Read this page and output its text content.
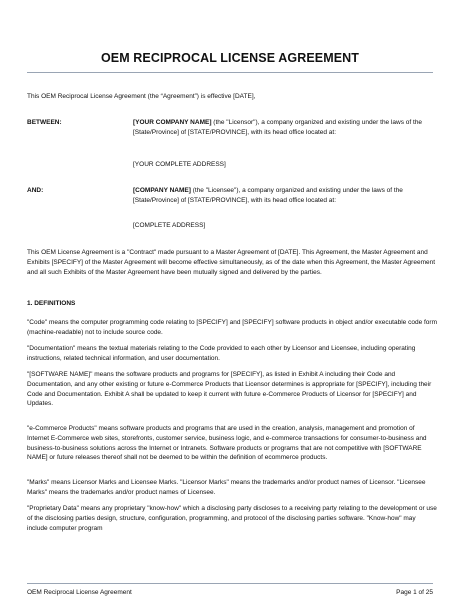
OEM RECIPROCAL LICENSE AGREEMENT

This OEM Reciprocal License Agreement (the “Agreement”) is effective [DATE],

BETWEEN:	[YOUR COMPANY NAME] (the "Licensor"), a company organized and existing under the laws of the [State/Province] of [STATE/PROVINCE], with its head office located at:

[YOUR COMPLETE ADDRESS]

AND:	[COMPANY NAME] (the "Licensee"), a company organized and existing under the laws of the [State/Province] of [STATE/PROVINCE], with its head office located at:

[COMPLETE ADDRESS]

This OEM License Agreement is a "Contract" made pursuant to a Master Agreement of [DATE]. This Agreement, the Master Agreement and Exhibits [SPECIFY] of the Master Agreement will become effective simultaneously, as of the date when this Agreement, the Master Agreement and all such Exhibits of the Master Agreement have been mutually signed and delivered by the parties.

1. DEFINITIONS

"Code" means the computer programming code relating to [SPECIFY] and [SPECIFY] software products in object and/or executable code form (machine-readable) not to include source code.

"Documentation" means the textual materials relating to the Code provided to each other by Licensor and Licensee, including operating instructions, related technical information, and user documentation.

"[SOFTWARE NAME]" means the software products and programs for [SPECIFY], as listed in Exhibit A including their Code and Documentation, and any other existing or future e-Commerce Products that Licensor determines is appropriate for [SPECIFY], including their Code and Documentation. Exhibit A shall be updated to keep it current with future e-Commerce Products of Licensor for [SPECIFY] and Updates.

"e-Commerce Products" means software products and programs that are used in the creation, analysis, management and promotion of Internet E-Commerce web sites, storefronts, customer service, business logic, and e-commerce transactions for consumer-to-business and business-to-business solutions across the Internet or Intranets. Software products or programs that are not competitive with [SOFTWARE NAME] or future releases thereof shall not be deemed to be within the definition of ecommerce products.

"Marks" means Licensor Marks and Licensee Marks. "Licensor Marks" means the trademarks and/or product names of Licensor. "Licensee Marks" means the trademarks and/or product names of Licensee.

"Proprietary Data" means any proprietary "know-how" which a disclosing party discloses to a receiving party relating to the development or use of the disclosing parties design, structure, configuration, programming, and protocol of the disclosing parties software. "Know-how" may include computer program

OEM Reciprocal License Agreement	Page 1 of 25
